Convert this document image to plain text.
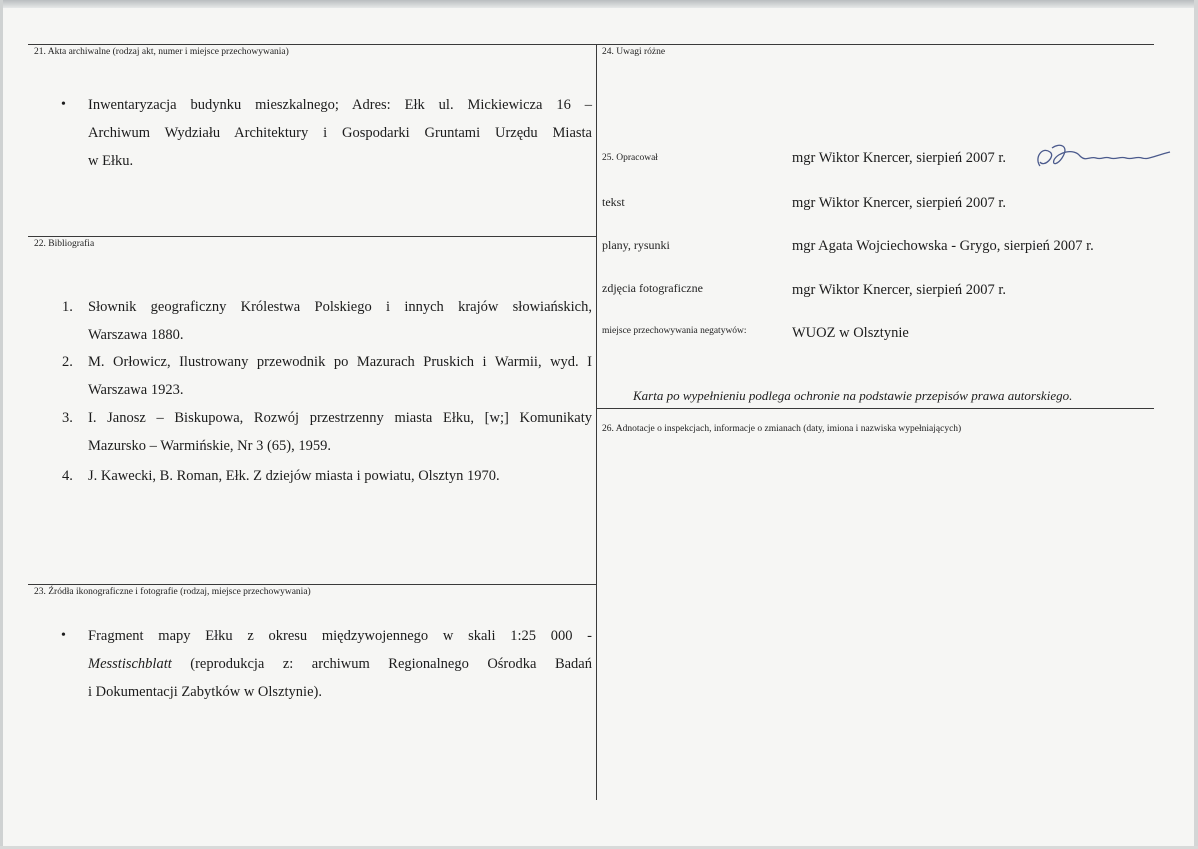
21. Akta archiwalne (rodzaj akt, numer i miejsce przechowywania)
• Inwentaryzacja budynku mieszkalnego; Adres: Ełk ul. Mickiewicza 16 –
Archiwum Wydziału Architektury i Gospodarki Gruntami Urzędu Miasta
w Ełku.
22. Bibliografia
1. Słownik geograficzny Królestwa Polskiego i innych krajów słowiańskich,
Warszawa 1880.
2. M. Orłowicz, Ilustrowany przewodnik po Mazurach Pruskich i Warmii, wyd. I
Warszawa 1923.
3. I. Janosz – Biskupowa, Rozwój przestrzenny miasta Ełku, [w;] Komunikaty
Mazursko – Warmińskie, Nr 3 (65), 1959.
4. J. Kawecki, B. Roman, Ełk. Z dziejów miasta i powiatu, Olsztyn 1970.
23. Źródła ikonograficzne i fotografie (rodzaj, miejsce przechowywania)
• Fragment mapy Ełku z okresu międzywojennego w skali 1:25 000 -
Messtischblatt (reprodukcja z: archiwum Regionalnego Ośrodka Badań
i Dokumentacji Zabytków w Olsztynie).
24. Uwagi różne
25. Opracował	mgr Wiktor Knercer, sierpień 2007 r.
tekst	mgr Wiktor Knercer, sierpień 2007 r.
plany, rysunki	mgr Agata Wojciechowska - Grygo, sierpień 2007 r.
zdjęcia fotograficzne	mgr Wiktor Knercer, sierpień 2007 r.
miejsce przechowywania negatywów:	WUOZ w Olsztynie
Karta po wypełnieniu podlega ochronie na podstawie przepisów prawa autorskiego.
26. Adnotacje o inspekcjach, informacje o zmianach (daty, imiona i nazwiska wypełniających)
